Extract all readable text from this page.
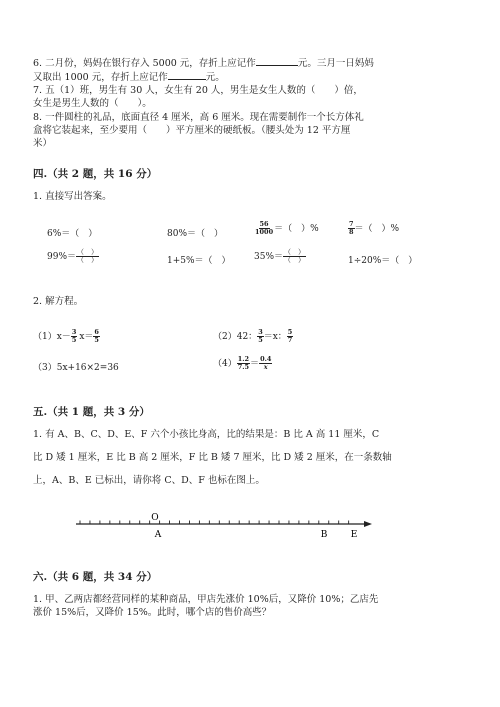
6. 二月份，妈妈在银行存入 5000 元，存折上应记作	元。三月一日妈妈
又取出 1000 元，存折上应记作	元。
7. 五（1）班，男生有 30 人，女生有 20 人，男生是女生人数的（　　）倍，
女生是男生人数的（　　）。
8. 一件圆柱的礼品，底面直径 4 厘米，高 6 厘米。现在需要制作一个长方体礼
盒将它装起来，至少要用（　　）平方厘米的硬纸板。（腰头处为 12 平方厘
米）
四.（共 2 题，共 16 分）
1. 直接写出答案。
6%＝（　）	80%＝（　）	$\frac{56}{1000}$ ＝（　）%	$\frac{7}{8}$ ＝（　）%
$99\%= \frac{( )}{( )}$	1+5%＝（　）	$35\%= \frac{( )}{( )}$	1÷20%＝（　）
2. 解方程。
$(1)x- \frac{3}{5} x= \frac{6}{5}$	（2）42： $\frac{3}{5} =x$： $\frac{5}{7}$
（3）5x+16×2=36	$(4) \frac{1.2}{7.5} = \frac{0.4}{x}$
五.（共 1 题，共 3 分）
1. 有 A、B、C、D、E、F 六个小孩比身高，比的结果是：B 比 A 高 11 厘米，C
比 D 矮 1 厘米，E 比 B 高 2 厘米，F 比 B 矮 7 厘米，比 D 矮 2 厘米，在一条数轴
上，A、B、E 已标出，请你将 C、D、F 也标在图上。
O
A	B	E
六.（共 6 题，共 34 分）
1. 甲、乙两店都经营同样的某种商品，甲店先涨价 10%后，又降价 10%；乙店先
涨价 15%后，又降价 15%。此时，哪个店的售价高些？
